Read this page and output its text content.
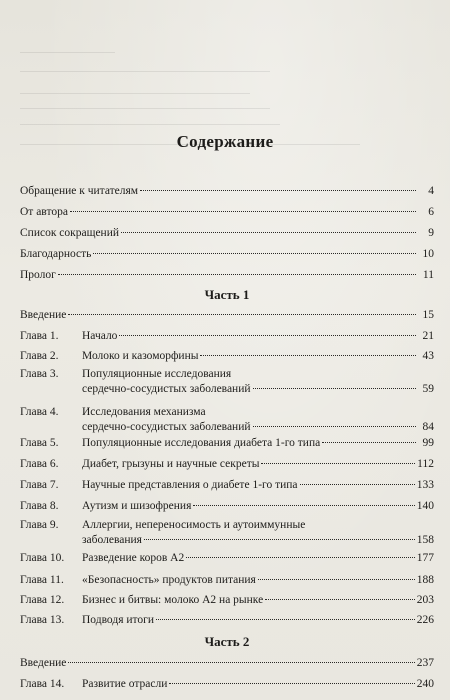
Содержание
Обращение к читателям	4
От автора	6
Список сокращений	9
Благодарность	10
Пролог	11
Часть 1
Введение	15
Глава 1.	Начало	21
Глава 2.	Молоко и казоморфины	43
Глава 3.	Популяционные исследования
сердечно-сосудистых заболеваний	59
Глава 4.	Исследования механизма
сердечно-сосудистых заболеваний	84
Глава 5.	Популяционные исследования диабета 1-го типа	99
Глава 6.	Диабет, грызуны и научные секреты	112
Глава 7.	Научные представления о диабете 1-го типа	133
Глава 8.	Аутизм и шизофрения	140
Глава 9.	Аллергии, непереносимость и аутоиммунные
заболевания	158
Глава 10.	Разведение коров А2	177
Глава 11.	«Безопасность» продуктов питания	188
Глава 12.	Бизнес и битвы: молоко А2 на рынке	203
Глава 13.	Подводя итоги	226
Часть 2
Введение	237
Глава 14.	Развитие отрасли	240
